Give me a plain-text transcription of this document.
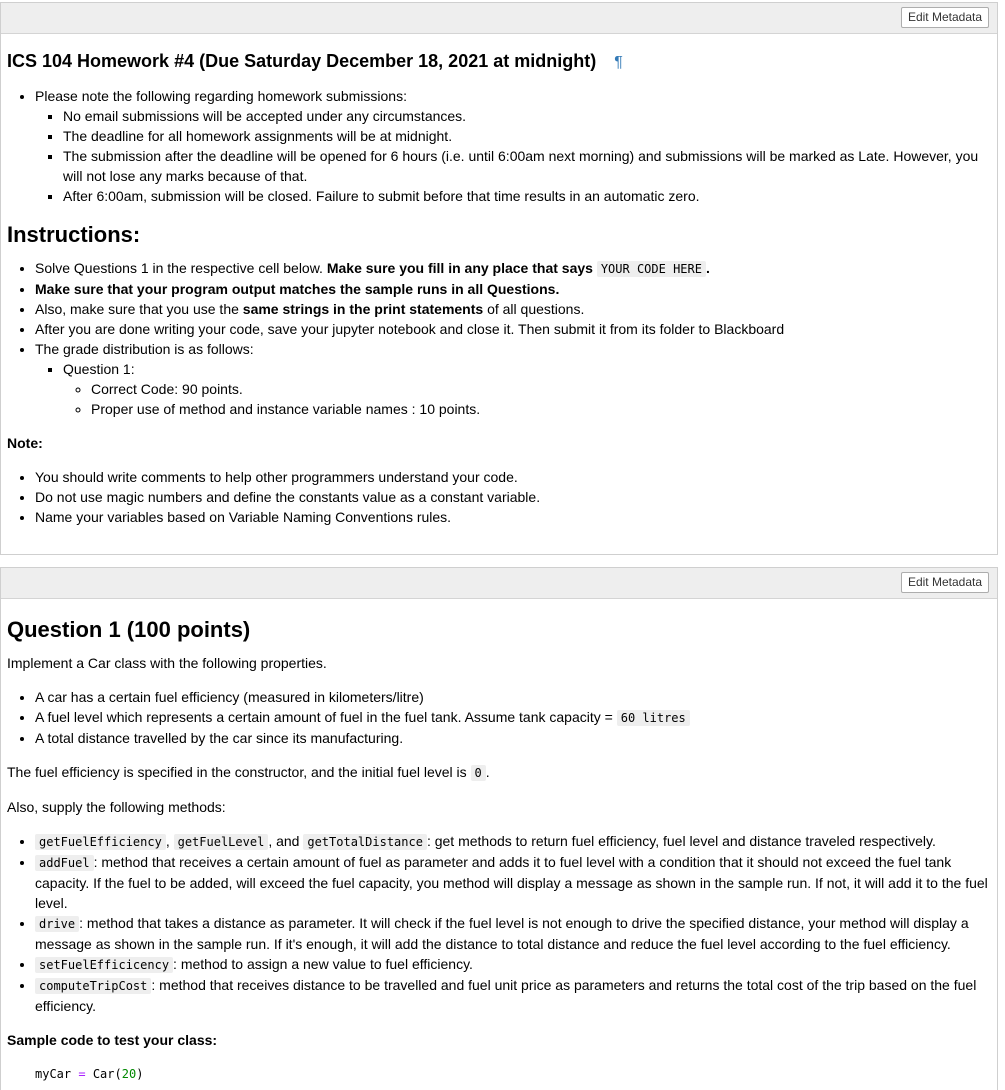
Edit Metadata
ICS 104 Homework #4 (Due Saturday December 18, 2021 at midnight) ¶
• Please note the following regarding homework submissions:
▪ No email submissions will be accepted under any circumstances.
▪ The deadline for all homework assignments will be at midnight.
▪ The submission after the deadline will be opened for 6 hours (i.e. until 6:00am next morning) and submissions will be marked as Late. However, you will not lose any marks because of that.
▪ After 6:00am, submission will be closed. Failure to submit before that time results in an automatic zero.
Instructions:
• Solve Questions 1 in the respective cell below. Make sure you fill in any place that says YOUR CODE HERE .
• Make sure that your program output matches the sample runs in all Questions.
• Also, make sure that you use the same strings in the print statements of all questions.
• After you are done writing your code, save your jupyter notebook and close it. Then submit it from its folder to Blackboard
• The grade distribution is as follows:
▪ Question 1:
◦ Correct Code: 90 points.
◦ Proper use of method and instance variable names : 10 points.

Note:

• You should write comments to help other programmers understand your code.
• Do not use magic numbers and define the constants value as a constant variable.
• Name your variables based on Variable Naming Conventions rules.
Edit Metadata
Question 1 (100 points)

Implement a Car class with the following properties.

• A car has a certain fuel efficiency (measured in kilometers/litre)
• A fuel level which represents a certain amount of fuel in the fuel tank. Assume tank capacity = 60 litres
• A total distance travelled by the car since its manufacturing.

The fuel efficiency is specified in the constructor, and the initial fuel level is 0 .

Also, supply the following methods:

• getFuelEfficiency , getFuelLevel , and getTotalDistance : get methods to return fuel efficiency, fuel level and distance traveled respectively.
• addFuel : method that receives a certain amount of fuel as parameter and adds it to fuel level with a condition that it should not exceed the fuel tank capacity. If the fuel to be added, will exceed the fuel capacity, you method will display a message as shown in the sample run. If not, it will add it to the fuel level.
• drive : method that takes a distance as parameter. It will check if the fuel level is not enough to drive the specified distance, your method will display a message as shown in the sample run. If it's enough, it will add the distance to total distance and reduce the fuel level according to the fuel efficiency.
• setFuelEfficicency : method to assign a new value to fuel efficiency.
• computeTripCost : method that receives distance to be travelled and fuel unit price as parameters and returns the total cost of the trip based on the fuel efficiency.

Sample code to test your class:

myCar = Car(20)
